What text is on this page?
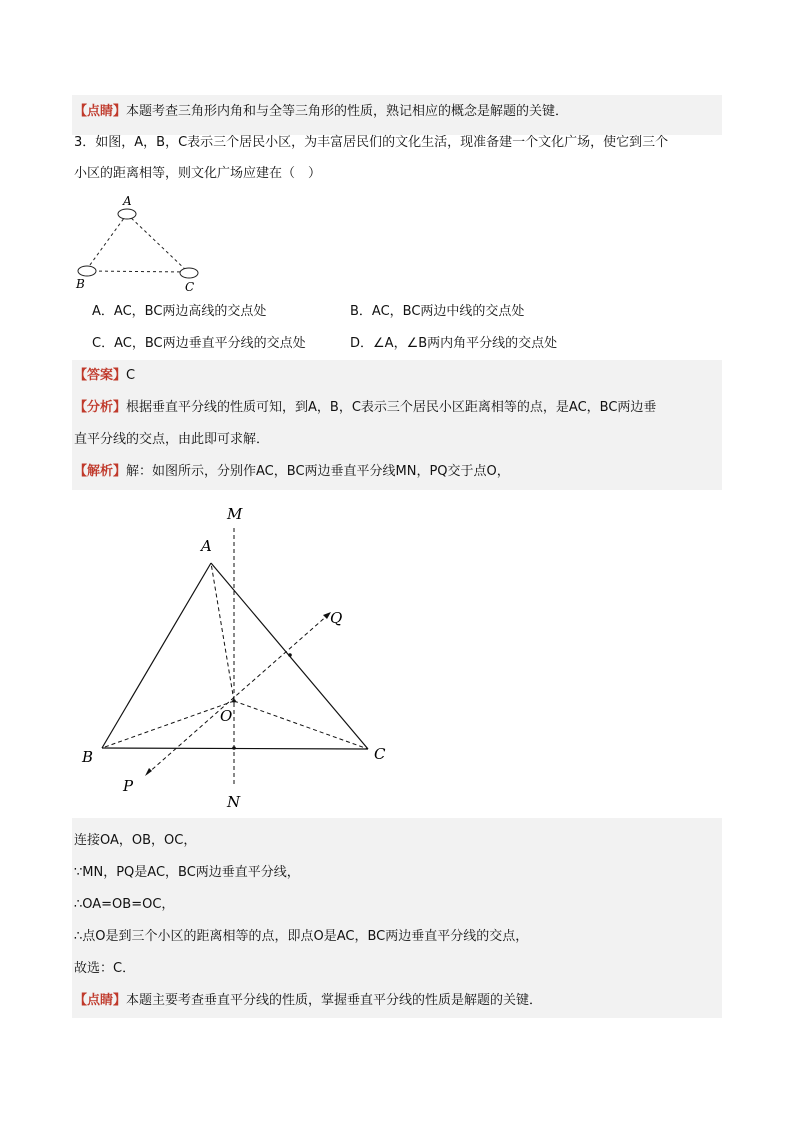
【点睛】本题考查三角形内角和与全等三角形的性质，熟记相应的概念是解题的关键．
3．如图，A，B，C表示三个居民小区，为丰富居民们的文化生活，现准备建一个文化广场，使它到三个
小区的距离相等，则文化广场应建在（　）
A
B	C
A．AC，BC两边高线的交点处	B．AC，BC两边中线的交点处
C．AC，BC两边垂直平分线的交点处	D．∠A，∠B两内角平分线的交点处
【答案】C
【分析】根据垂直平分线的性质可知，到A，B，C表示三个居民小区距离相等的点，是AC，BC两边垂
直平分线的交点，由此即可求解．
【解析】解：如图所示，分别作AC，BC两边垂直平分线MN，PQ交于点O，
M
A
Q
O
B	C
P
N
连接OA，OB，OC，
∵MN，PQ是AC，BC两边垂直平分线，
∴OA=OB=OC，
∴点O是到三个小区的距离相等的点，即点O是AC，BC两边垂直平分线的交点，
故选：C．
【点睛】本题主要考查垂直平分线的性质，掌握垂直平分线的性质是解题的关键．
